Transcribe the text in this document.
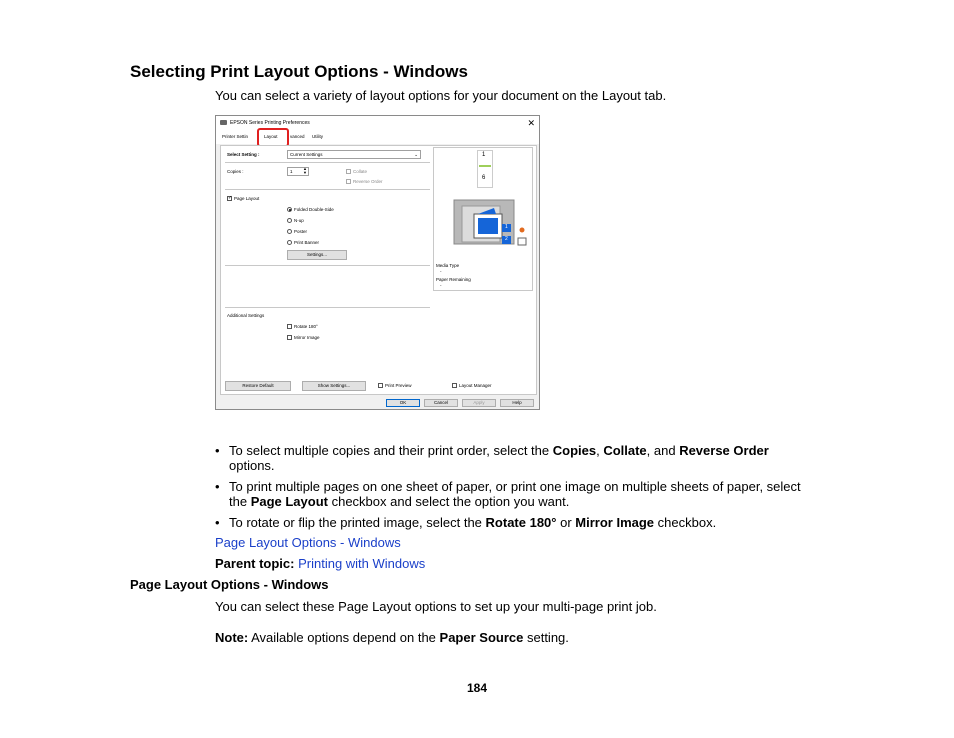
Selecting Print Layout Options - Windows
You can select a variety of layout options for your document on the Layout tab.
EPSON Series Printing Preferences	✕
Printer Settin	vanced Utility
Layout
Select Setting :	Current Settings	⌄
Copies :	1
▲
▼	Collate
Reverse Order
✓ Page Layout
Folded Double-Side
N-up
Poster
Print Banner
Settings...
Additional Settings
Rotate 180°
Mirror Image
Restore Default	Show Settings...	Print Preview	Layout Manager
1
6
1
2
Media Type
-
Paper Remaining
-
OK	Cancel	Apply	Help
• To select multiple copies and their print order, select the Copies, Collate, and Reverse Order options.
• To print multiple pages on one sheet of paper, or print one image on multiple sheets of paper, select the Page Layout checkbox and select the option you want.
• To rotate or flip the printed image, select the Rotate 180° or Mirror Image checkbox.
Page Layout Options - Windows
Parent topic: Printing with Windows
Page Layout Options - Windows
You can select these Page Layout options to set up your multi-page print job.
Note: Available options depend on the Paper Source setting.
184
